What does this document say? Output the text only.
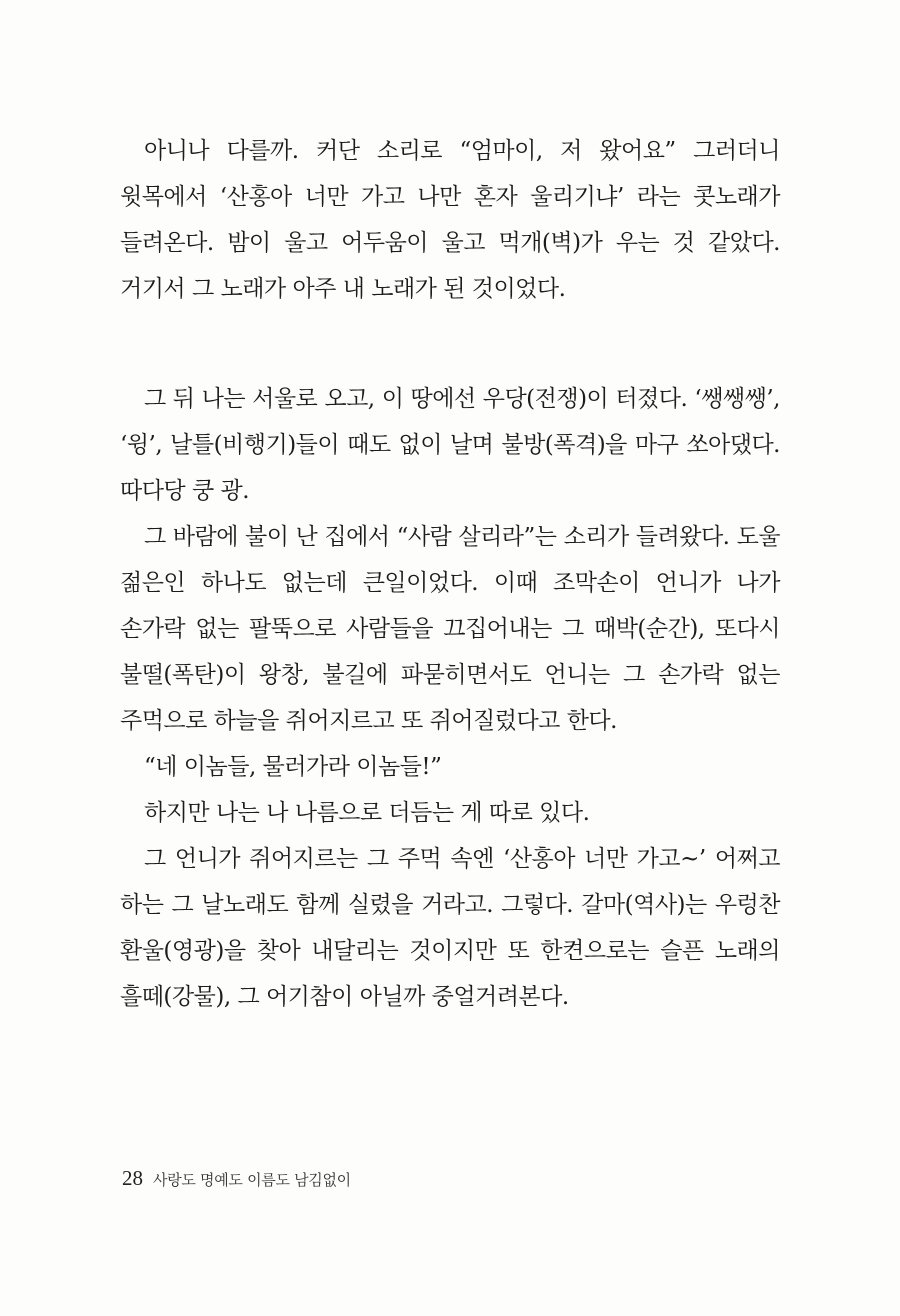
아니나 다를까. 커단 소리로 “엄마이, 저 왔어요” 그러더니 윗목에서 ‘산홍아 너만 가고 나만 혼자 울리기냐’ 라는 콧노래가 들려온다. 밤이 울고 어두움이 울고 먹개(벽)가 우는 것 같았다. 거기서 그 노래가 아주 내 노래가 된 것이었다.

그 뒤 나는 서울로 오고, 이 땅에선 우당(전쟁)이 터졌다. ‘쌩쌩쌩’, ‘윙’, 날틀(비행기)들이 때도 없이 날며 불방(폭격)을 마구 쏘아댔다. 따다당 쿵 광.

그 바람에 불이 난 집에서 “사람 살리라”는 소리가 들려왔다. 도울 젊은인 하나도 없는데 큰일이었다. 이때 조막손이 언니가 나가 손가락 없는 팔뚝으로 사람들을 끄집어내는 그 때박(순간), 또다시 불떨(폭탄)이 왕창, 불길에 파묻히면서도 언니는 그 손가락 없는 주먹으로 하늘을 쥐어지르고 또 쥐어질렀다고 한다.

“네 이놈들, 물러가라 이놈들!”

하지만 나는 나 나름으로 더듬는 게 따로 있다.

그 언니가 쥐어지르는 그 주먹 속엔 ‘산홍아 너만 가고~’ 어쩌고 하는 그 날노래도 함께 실렸을 거라고. 그렇다. 갈마(역사)는 우렁찬 환울(영광)을 찾아 내달리는 것이지만 또 한켠으로는 슬픈 노래의 흘떼(강물), 그 어기참이 아닐까 중얼거려본다.

28 사랑도 명예도 이름도 남김없이
